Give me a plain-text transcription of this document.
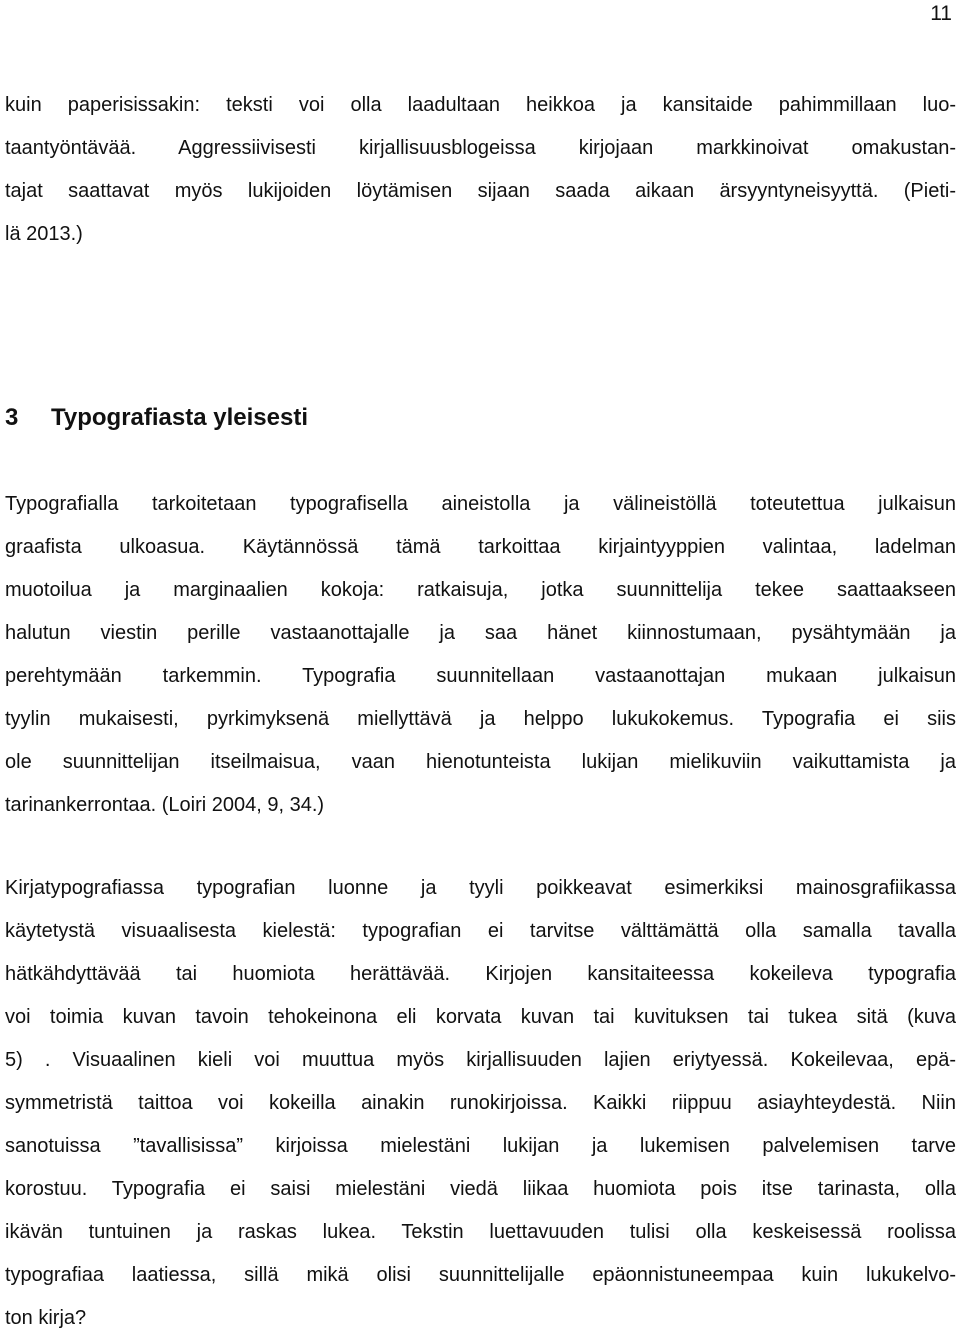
11
kuin paperisissakin: teksti voi olla laadultaan heikkoa ja kansitaide pahimmillaan luo-
taantyöntävää. Aggressiivisesti kirjallisuusblogeissa kirjojaan markkinoivat omakustan-
tajat saattavat myös lukijoiden löytämisen sijaan saada aikaan ärsyyntyneisyyttä. (Pieti-
lä 2013.)
3 Typografiasta yleisesti
Typografialla tarkoitetaan typografisella aineistolla ja välineistöllä toteutettua julkaisun
graafista ulkoasua. Käytännössä tämä tarkoittaa kirjaintyyppien valintaa, ladelman
muotoilua ja marginaalien kokoja: ratkaisuja, jotka suunnittelija tekee saattaakseen
halutun viestin perille vastaanottajalle ja saa hänet kiinnostumaan, pysähtymään ja
perehtymään tarkemmin. Typografia suunnitellaan vastaanottajan mukaan julkaisun
tyylin mukaisesti, pyrkimyksenä miellyttävä ja helppo lukukokemus. Typografia ei siis
ole suunnittelijan itseilmaisua, vaan hienotunteista lukijan mielikuviin vaikuttamista ja
tarinankerrontaa. (Loiri 2004, 9, 34.)
Kirjatypografiassa typografian luonne ja tyyli poikkeavat esimerkiksi mainosgrafiikassa
käytetystä visuaalisesta kielestä: typografian ei tarvitse välttämättä olla samalla tavalla
hätkähdyttävää tai huomiota herättävää. Kirjojen kansitaiteessa kokeileva typografia
voi toimia kuvan tavoin tehokeinona eli korvata kuvan tai kuvituksen tai tukea sitä (kuva
5) . Visuaalinen kieli voi muuttua myös kirjallisuuden lajien eriytyessä. Kokeilevaa, epä-
symmetristä taittoa voi kokeilla ainakin runokirjoissa. Kaikki riippuu asiayhteydestä. Niin
sanotuissa ”tavallisissa” kirjoissa mielestäni lukijan ja lukemisen palvelemisen tarve
korostuu. Typografia ei saisi mielestäni viedä liikaa huomiota pois itse tarinasta, olla
ikävän tuntuinen ja raskas lukea. Tekstin luettavuuden tulisi olla keskeisessä roolissa
typografiaa laatiessa, sillä mikä olisi suunnittelijalle epäonnistuneempaa kuin lukukelvo-
ton kirja?
